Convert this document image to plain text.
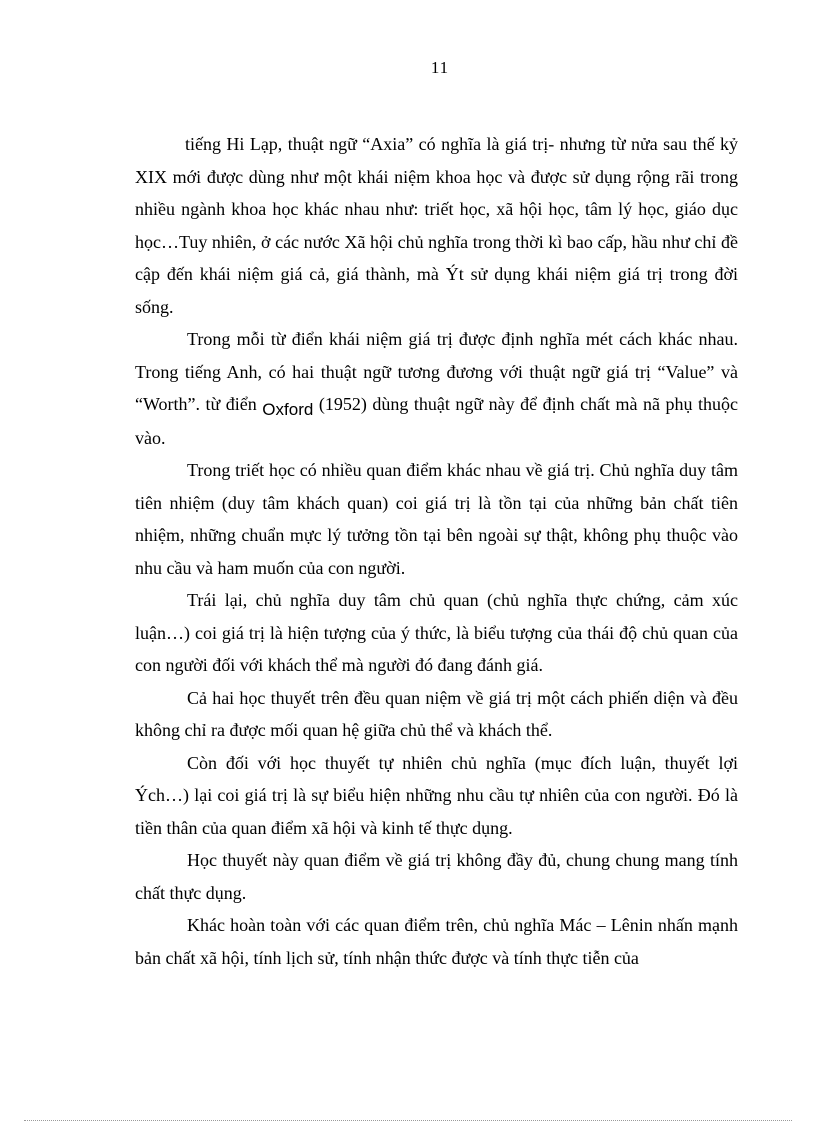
11

tiếng Hi Lạp, thuật ngữ “Axia” có nghĩa là giá trị- nhưng từ nửa sau thế kỷ XIX mới được dùng như một khái niệm khoa học và được sử dụng rộng rãi trong nhiều ngành khoa học khác nhau như: triết học, xã hội học, tâm lý học, giáo dục học…Tuy nhiên, ở các nước Xã hội chủ nghĩa trong thời kì bao cấp, hầu như chỉ đề cập đến khái niệm giá cả, giá thành, mà Ýt sử dụng khái niệm giá trị trong đời sống.

Trong mỗi từ điển khái niệm giá trị được định nghĩa mét cách khác nhau. Trong tiếng Anh, có hai thuật ngữ tương đương với thuật ngữ giá trị “Value” và “Worth”. từ điển Oxford (1952) dùng thuật ngữ này để định chất mà nã phụ thuộc vào.

Trong triết học có nhiều quan điểm khác nhau về giá trị. Chủ nghĩa duy tâm tiên nhiệm (duy tâm khách quan) coi giá trị là tồn tại của những bản chất tiên nhiệm, những chuẩn mực lý tưởng tồn tại bên ngoài sự thật, không phụ thuộc vào nhu cầu và ham muốn của con người.

Trái lại, chủ nghĩa duy tâm chủ quan (chủ nghĩa thực chứng, cảm xúc luận…) coi giá trị là hiện tượng của ý thức, là biểu tượng của thái độ chủ quan của con người đối với khách thể mà người đó đang đánh giá.

Cả hai học thuyết trên đều quan niệm về giá trị một cách phiến diện và đều không chỉ ra được mối quan hệ giữa chủ thể và khách thể.

Còn đối với học thuyết tự nhiên chủ nghĩa (mục đích luận, thuyết lợi Ých…) lại coi giá trị là sự biểu hiện những nhu cầu tự nhiên của con người. Đó là tiền thân của quan điểm xã hội và kinh tế thực dụng.

Học thuyết này quan điểm về giá trị không đầy đủ, chung chung mang tính chất thực dụng.

Khác hoàn toàn với các quan điểm trên, chủ nghĩa Mác – Lênin nhấn mạnh bản chất xã hội, tính lịch sử, tính nhận thức được và tính thực tiễn của
